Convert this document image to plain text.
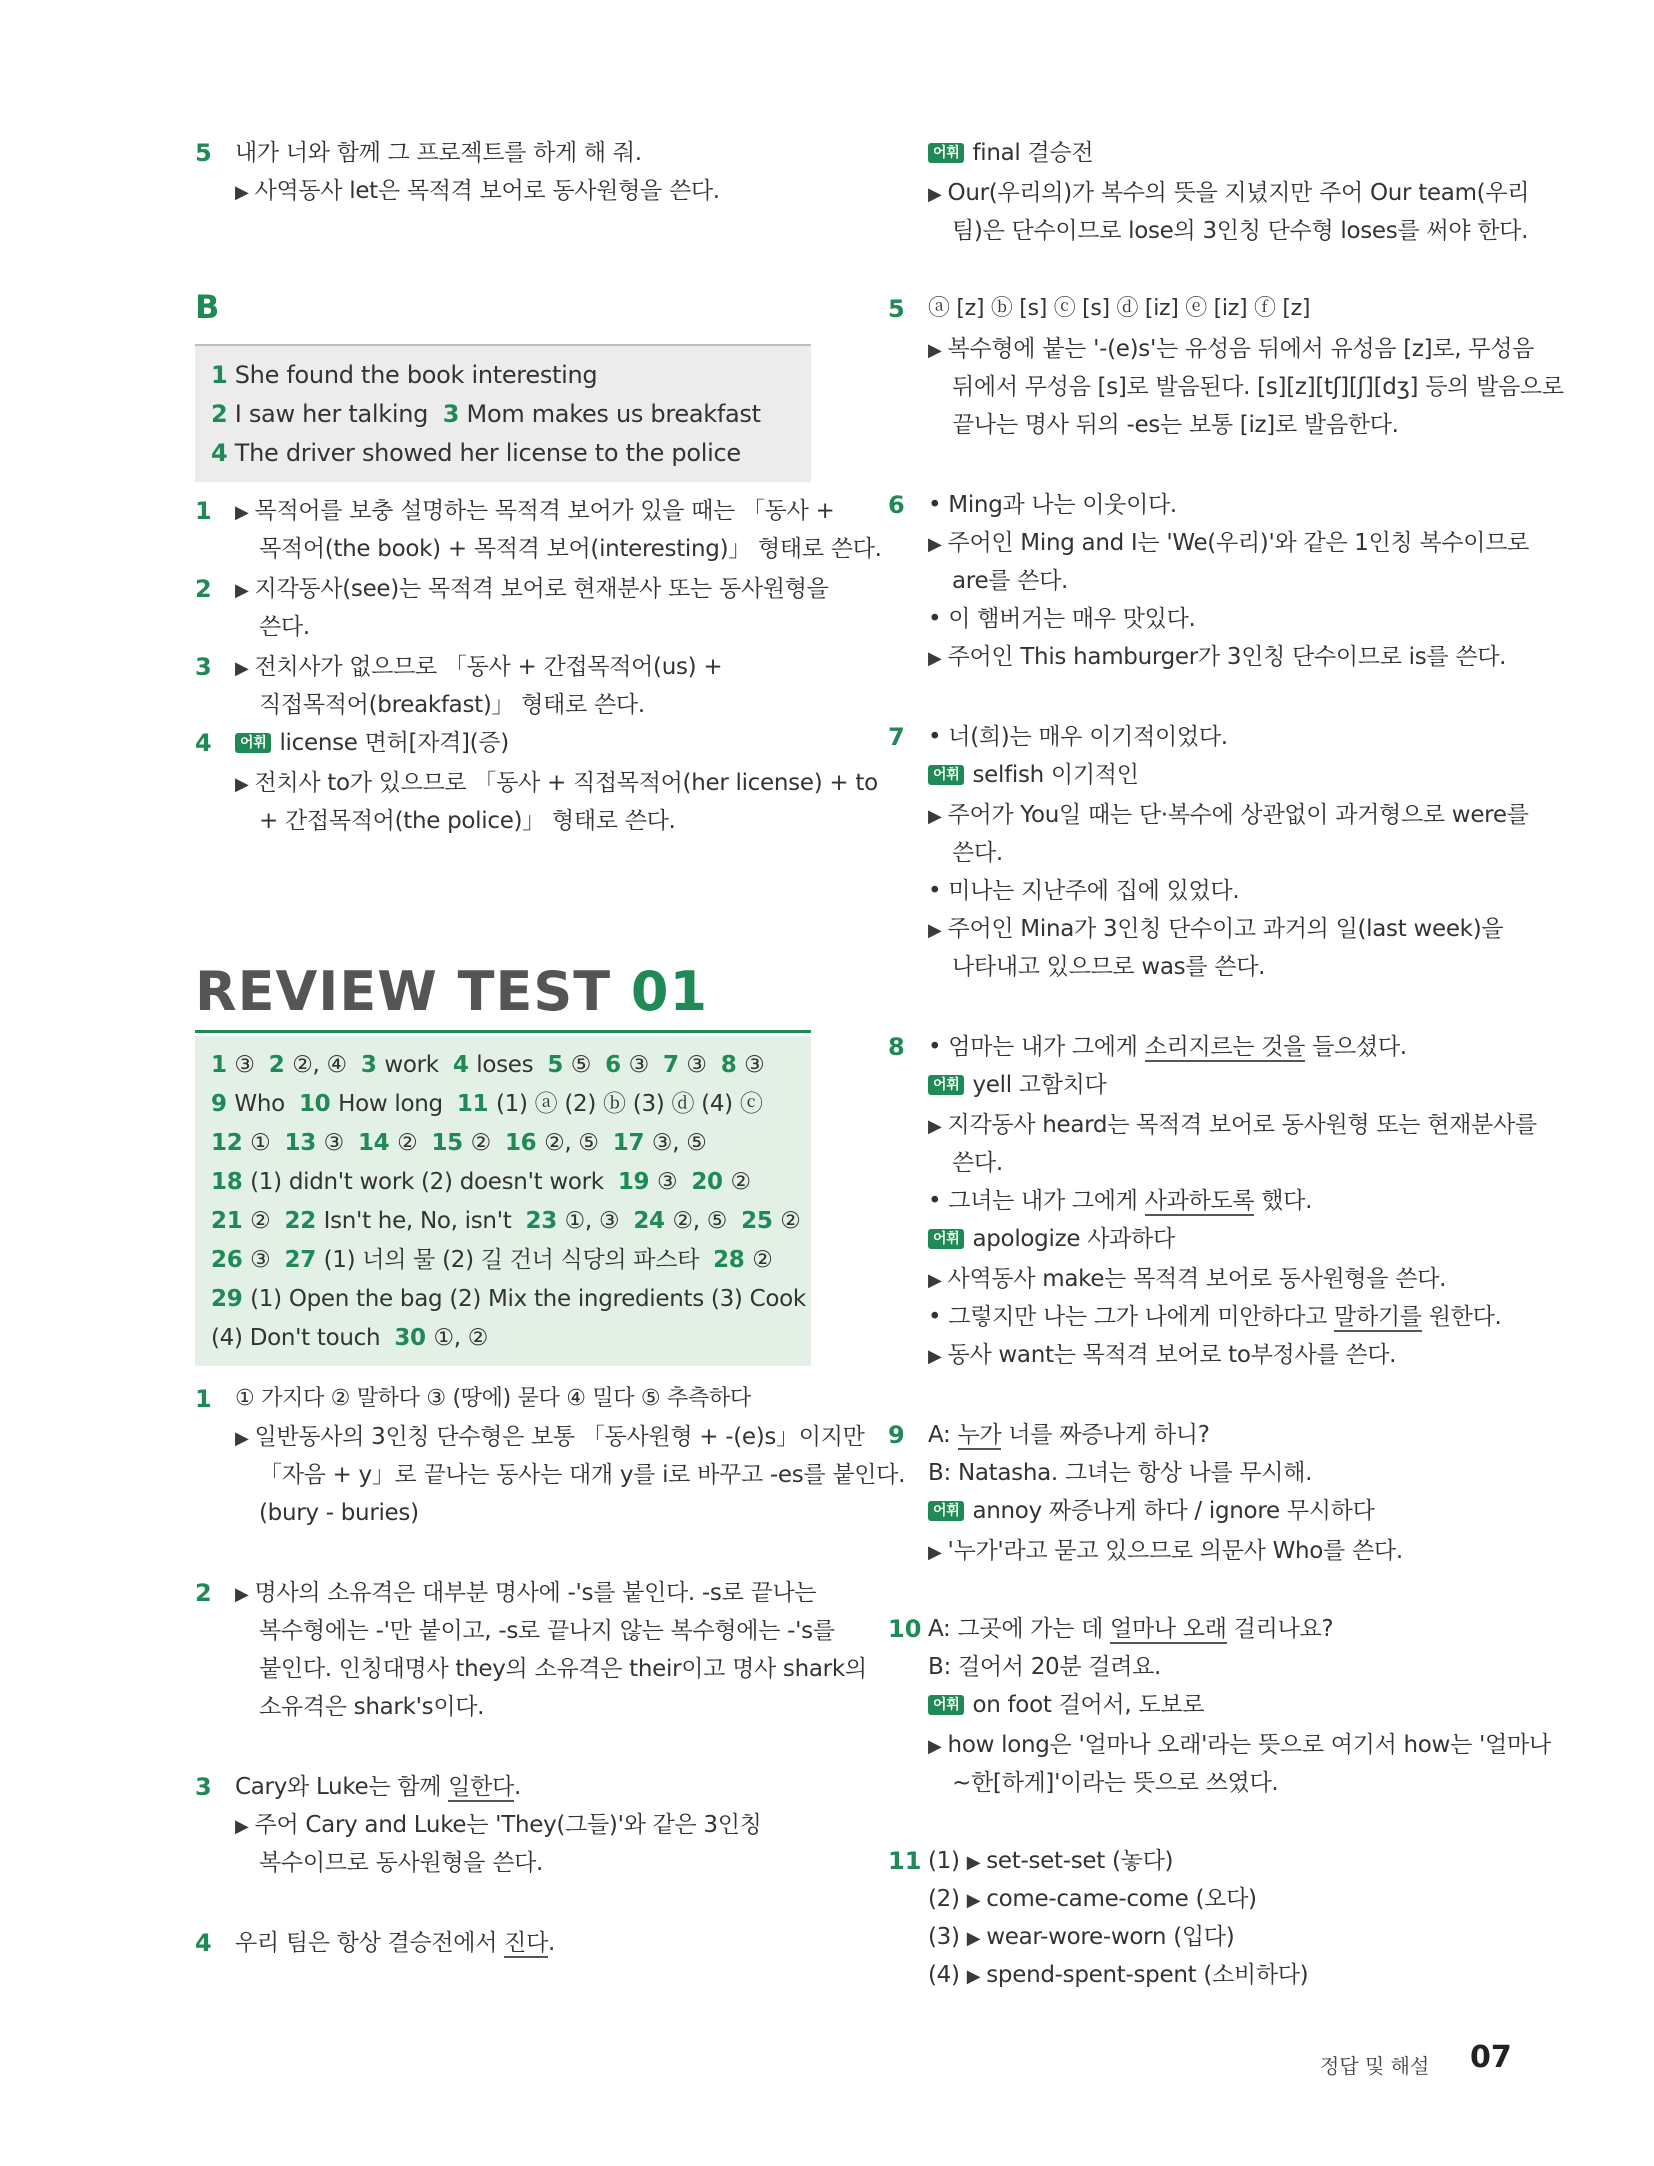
5 내가 너와 함께 그 프로젝트를 하게 해 줘.
▶ 사역동사 let은 목적격 보어로 동사원형을 쓴다.
B
1 She found the book interesting
2 I saw her talking 3 Mom makes us breakfast
4 The driver showed her license to the police
1 ▶ 목적어를 보충 설명하는 목적격 보어가 있을 때는 「동사 +
목적어(the book) + 목적격 보어(interesting)」 형태로 쓴다.
2 ▶ 지각동사(see)는 목적격 보어로 현재분사 또는 동사원형을
쓴다.
3 ▶ 전치사가 없으므로 「동사 + 간접목적어(us) +
직접목적어(breakfast)」 형태로 쓴다.
4	어휘 license 면허[자격](증)
▶ 전치사 to가 있으므로 「동사 + 직접목적어(her license) + to
+ 간접목적어(the police)」 형태로 쓴다.
REVIEW TEST 01
1 ③ 2 ②, ④ 3 work 4 loses 5 ⑤ 6 ③ 7 ③ 8 ③
9 Who 10 How long 11 (1) ⓐ (2) ⓑ (3) ⓓ (4) ⓒ
12 ① 13 ③ 14 ② 15 ② 16 ②, ⑤ 17 ③, ⑤
18 (1) didn't work (2) doesn't work 19 ③ 20 ②
21 ② 22 Isn't he, No, isn't 23 ①, ③ 24 ②, ⑤ 25 ②
26 ③ 27 (1) 너의 물 (2) 길 건너 식당의 파스타 28 ②
29 (1) Open the bag (2) Mix the ingredients (3) Cook
(4) Don't touch 30 ①, ②
1 ① 가지다 ② 말하다 ③ (땅에) 묻다 ④ 밀다 ⑤ 추측하다
▶ 일반동사의 3인칭 단수형은 보통 「동사원형 + -(e)s」이지만
「자음 + y」로 끝나는 동사는 대개 y를 i로 바꾸고 -es를 붙인다.
(bury - buries)
2 ▶ 명사의 소유격은 대부분 명사에 -'s를 붙인다. -s로 끝나는
복수형에는 -'만 붙이고, -s로 끝나지 않는 복수형에는 -'s를
붙인다. 인칭대명사 they의 소유격은 their이고 명사 shark의
소유격은 shark's이다.
3 Cary와 Luke는 함께 일한다.
▶ 주어 Cary and Luke는 'They(그들)'와 같은 3인칭
복수이므로 동사원형을 쓴다.
4 우리 팀은 항상 결승전에서 진다.
어휘 final 결승전
▶ Our(우리의)가 복수의 뜻을 지녔지만 주어 Our team(우리
팀)은 단수이므로 lose의 3인칭 단수형 loses를 써야 한다.
5 ⓐ [z] ⓑ [s] ⓒ [s] ⓓ [iz] ⓔ [iz] ⓕ [z]
▶ 복수형에 붙는 '-(e)s'는 유성음 뒤에서 유성음 [z]로, 무성음
뒤에서 무성음 [s]로 발음된다. [s][z][tʃ][ʃ][dʒ] 등의 발음으로
끝나는 명사 뒤의 -es는 보통 [iz]로 발음한다.
6 • Ming과 나는 이웃이다.
▶ 주어인 Ming and I는 'We(우리)'와 같은 1인칭 복수이므로
are를 쓴다.
• 이 햄버거는 매우 맛있다.
▶ 주어인 This hamburger가 3인칭 단수이므로 is를 쓴다.
7 • 너(희)는 매우 이기적이었다.
어휘 selfish 이기적인
▶ 주어가 You일 때는 단·복수에 상관없이 과거형으로 were를
쓴다.
• 미나는 지난주에 집에 있었다.
▶ 주어인 Mina가 3인칭 단수이고 과거의 일(last week)을
나타내고 있으므로 was를 쓴다.
8 • 엄마는 내가 그에게 소리지르는 것을 들으셨다.
어휘 yell 고함치다
▶ 지각동사 heard는 목적격 보어로 동사원형 또는 현재분사를
쓴다.
• 그녀는 내가 그에게 사과하도록 했다.
어휘 apologize 사과하다
▶ 사역동사 make는 목적격 보어로 동사원형을 쓴다.
• 그렇지만 나는 그가 나에게 미안하다고 말하기를 원한다.
▶ 동사 want는 목적격 보어로 to부정사를 쓴다.
9 A: 누가 너를 짜증나게 하니?
B: Natasha. 그녀는 항상 나를 무시해.
어휘 annoy 짜증나게 하다 / ignore 무시하다
▶ '누가'라고 묻고 있으므로 의문사 Who를 쓴다.
10 A: 그곳에 가는 데 얼마나 오래 걸리나요?
B: 걸어서 20분 걸려요.
어휘 on foot 걸어서, 도보로
▶ how long은 '얼마나 오래'라는 뜻으로 여기서 how는 '얼마나
~한[하게]'이라는 뜻으로 쓰였다.
11 (1) ▶ set-set-set (놓다)
(2) ▶ come-came-come (오다)
(3) ▶ wear-wore-worn (입다)
(4) ▶ spend-spent-spent (소비하다)
정답 및 해설 07
